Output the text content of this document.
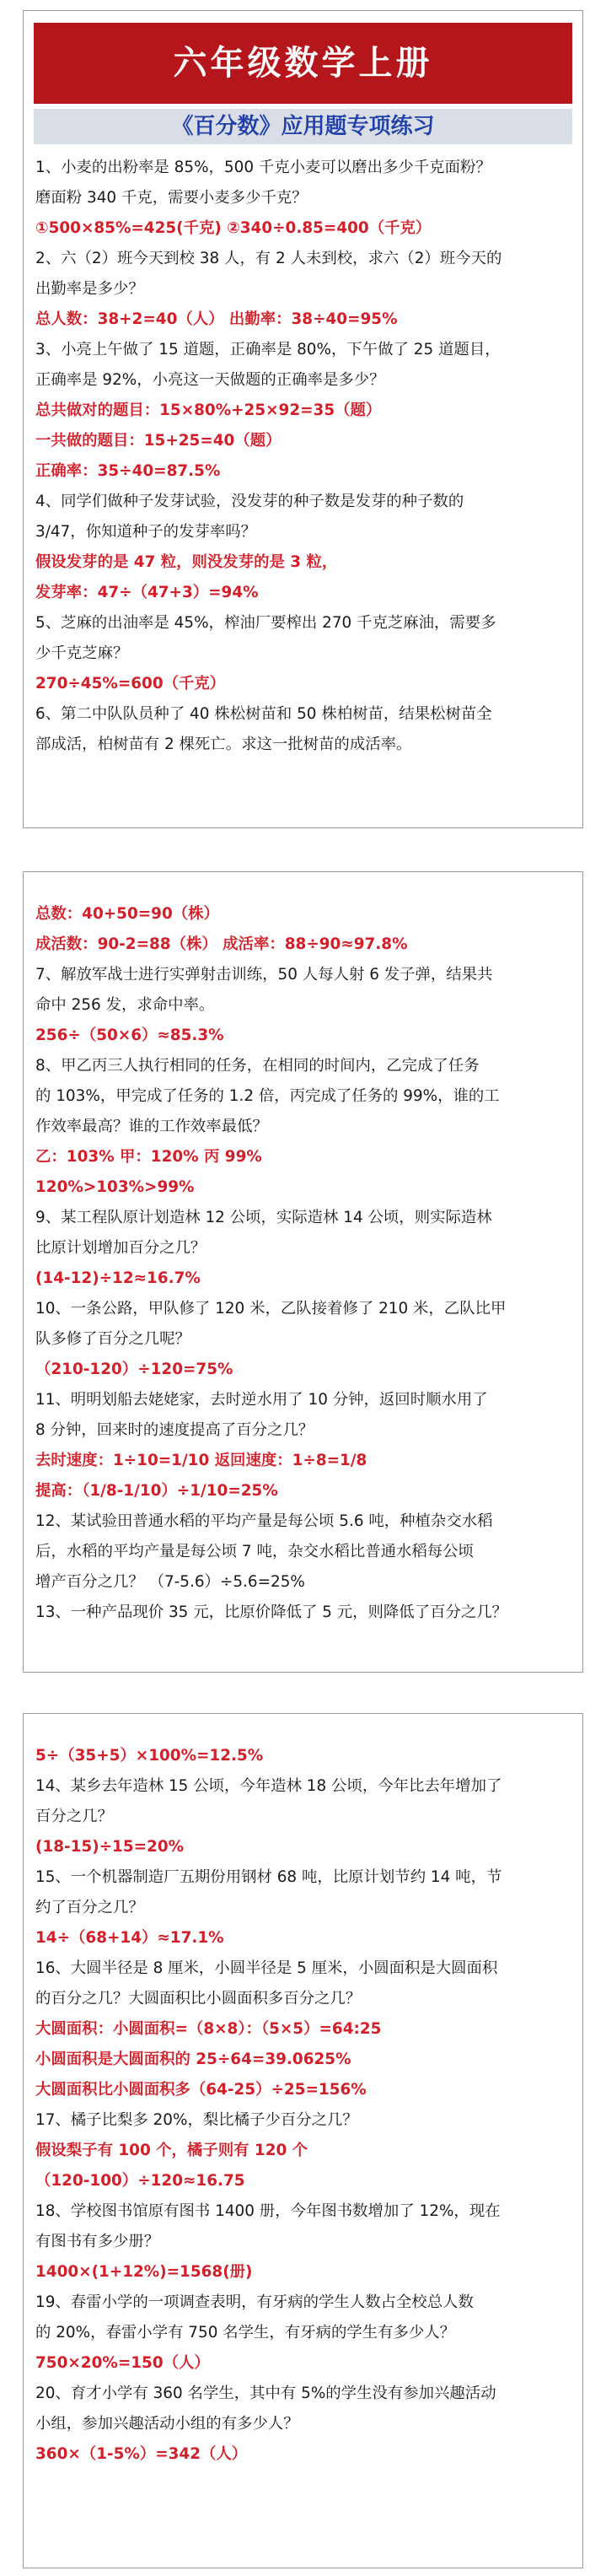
六年级数学上册
《百分数》应用题专项练习
1、小麦的出粉率是 85%，500 千克小麦可以磨出多少千克面粉？
磨面粉 340 千克，需要小麦多少千克？
①500×85%=425(千克) ②340÷0.85=400（千克）
2、六（2）班今天到校 38 人，有 2 人未到校，求六（2）班今天的
出勤率是多少？
总人数：38+2=40（人） 出勤率：38÷40=95%
3、小亮上午做了 15 道题，正确率是 80%，下午做了 25 道题目，
正确率是 92%，小亮这一天做题的正确率是多少？
总共做对的题目：15×80%+25×92=35（题）
一共做的题目：15+25=40（题）
正确率：35÷40=87.5%
4、同学们做种子发芽试验，没发芽的种子数是发芽的种子数的
3/47，你知道种子的发芽率吗？
假设发芽的是 47 粒，则没发芽的是 3 粒，
发芽率：47÷（47+3）=94%
5、芝麻的出油率是 45%，榨油厂要榨出 270 千克芝麻油，需要多
少千克芝麻？
270÷45%=600（千克）
6、第二中队队员种了 40 株松树苗和 50 株柏树苗，结果松树苗全
部成活，柏树苗有 2 棵死亡。求这一批树苗的成活率。
总数：40+50=90（株）
成活数：90-2=88（株） 成活率：88÷90≈97.8%
7、解放军战士进行实弹射击训练，50 人每人射 6 发子弹，结果共
命中 256 发，求命中率。
256÷（50×6）≈85.3%
8、甲乙丙三人执行相同的任务，在相同的时间内，乙完成了任务
的 103%，甲完成了任务的 1.2 倍，丙完成了任务的 99%，谁的工
作效率最高？谁的工作效率最低？
乙：103% 甲：120% 丙 99%
120%>103%>99%
9、某工程队原计划造林 12 公顷，实际造林 14 公顷，则实际造林
比原计划增加百分之几？
(14-12)÷12≈16.7%
10、一条公路，甲队修了 120 米，乙队接着修了 210 米，乙队比甲
队多修了百分之几呢？
（210-120）÷120=75%
11、明明划船去姥姥家，去时逆水用了 10 分钟，返回时顺水用了
8 分钟，回来时的速度提高了百分之几？
去时速度：1÷10=1/10 返回速度：1÷8=1/8
提高：（1/8-1/10）÷1/10=25%
12、某试验田普通水稻的平均产量是每公顷 5.6 吨，种植杂交水稻
后，水稻的平均产量是每公顷 7 吨，杂交水稻比普通水稻每公顷
增产百分之几？ （7-5.6）÷5.6=25%
13、一种产品现价 35 元，比原价降低了 5 元，则降低了百分之几？
5÷（35+5）×100%=12.5%
14、某乡去年造林 15 公顷，今年造林 18 公顷，今年比去年增加了
百分之几？
(18-15)÷15=20%
15、一个机器制造厂五期份用钢材 68 吨，比原计划节约 14 吨，节
约了百分之几？
14÷（68+14）≈17.1%
16、大圆半径是 8 厘米，小圆半径是 5 厘米，小圆面积是大圆面积
的百分之几？大圆面积比小圆面积多百分之几？
大圆面积：小圆面积=（8×8）：（5×5）=64:25
小圆面积是大圆面积的 25÷64=39.0625%
大圆面积比小圆面积多（64-25）÷25=156%
17、橘子比梨多 20%，梨比橘子少百分之几？
假设梨子有 100 个，橘子则有 120 个
（120-100）÷120≈16.75
18、学校图书馆原有图书 1400 册，今年图书数增加了 12%，现在
有图书有多少册？
1400×(1+12%)=1568(册)
19、春雷小学的一项调查表明，有牙病的学生人数占全校总人数
的 20%，春雷小学有 750 名学生，有牙病的学生有多少人？
750×20%=150（人）
20、育才小学有 360 名学生，其中有 5%的学生没有参加兴趣活动
小组，参加兴趣活动小组的有多少人？
360×（1-5%）=342（人）
